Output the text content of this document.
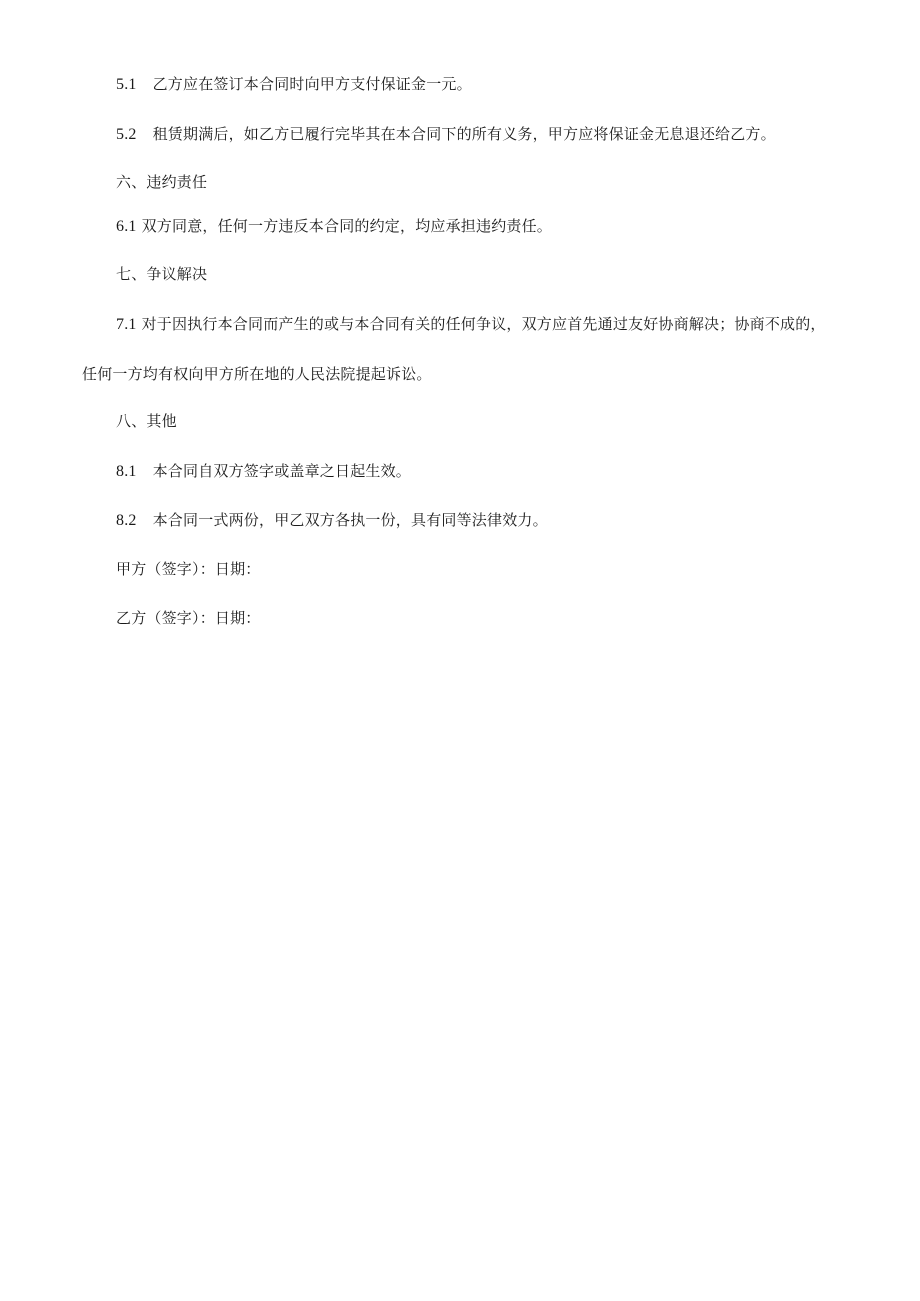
5.1 乙方应在签订本合同时向甲方支付保证金一元。
5.2 租赁期满后，如乙方已履行完毕其在本合同下的所有义务，甲方应将保证金无息退还给乙方。
六、违约责任
6.1 双方同意，任何一方违反本合同的约定，均应承担违约责任。
七、争议解决
7.1 对于因执行本合同而产生的或与本合同有关的任何争议，双方应首先通过友好协商解决；协商不成的，
任何一方均有权向甲方所在地的人民法院提起诉讼。
八、其他
8.1 本合同自双方签字或盖章之日起生效。
8.2 本合同一式两份，甲乙双方各执一份，具有同等法律效力。
甲方（签字）：日期：
乙方（签字）：日期：
